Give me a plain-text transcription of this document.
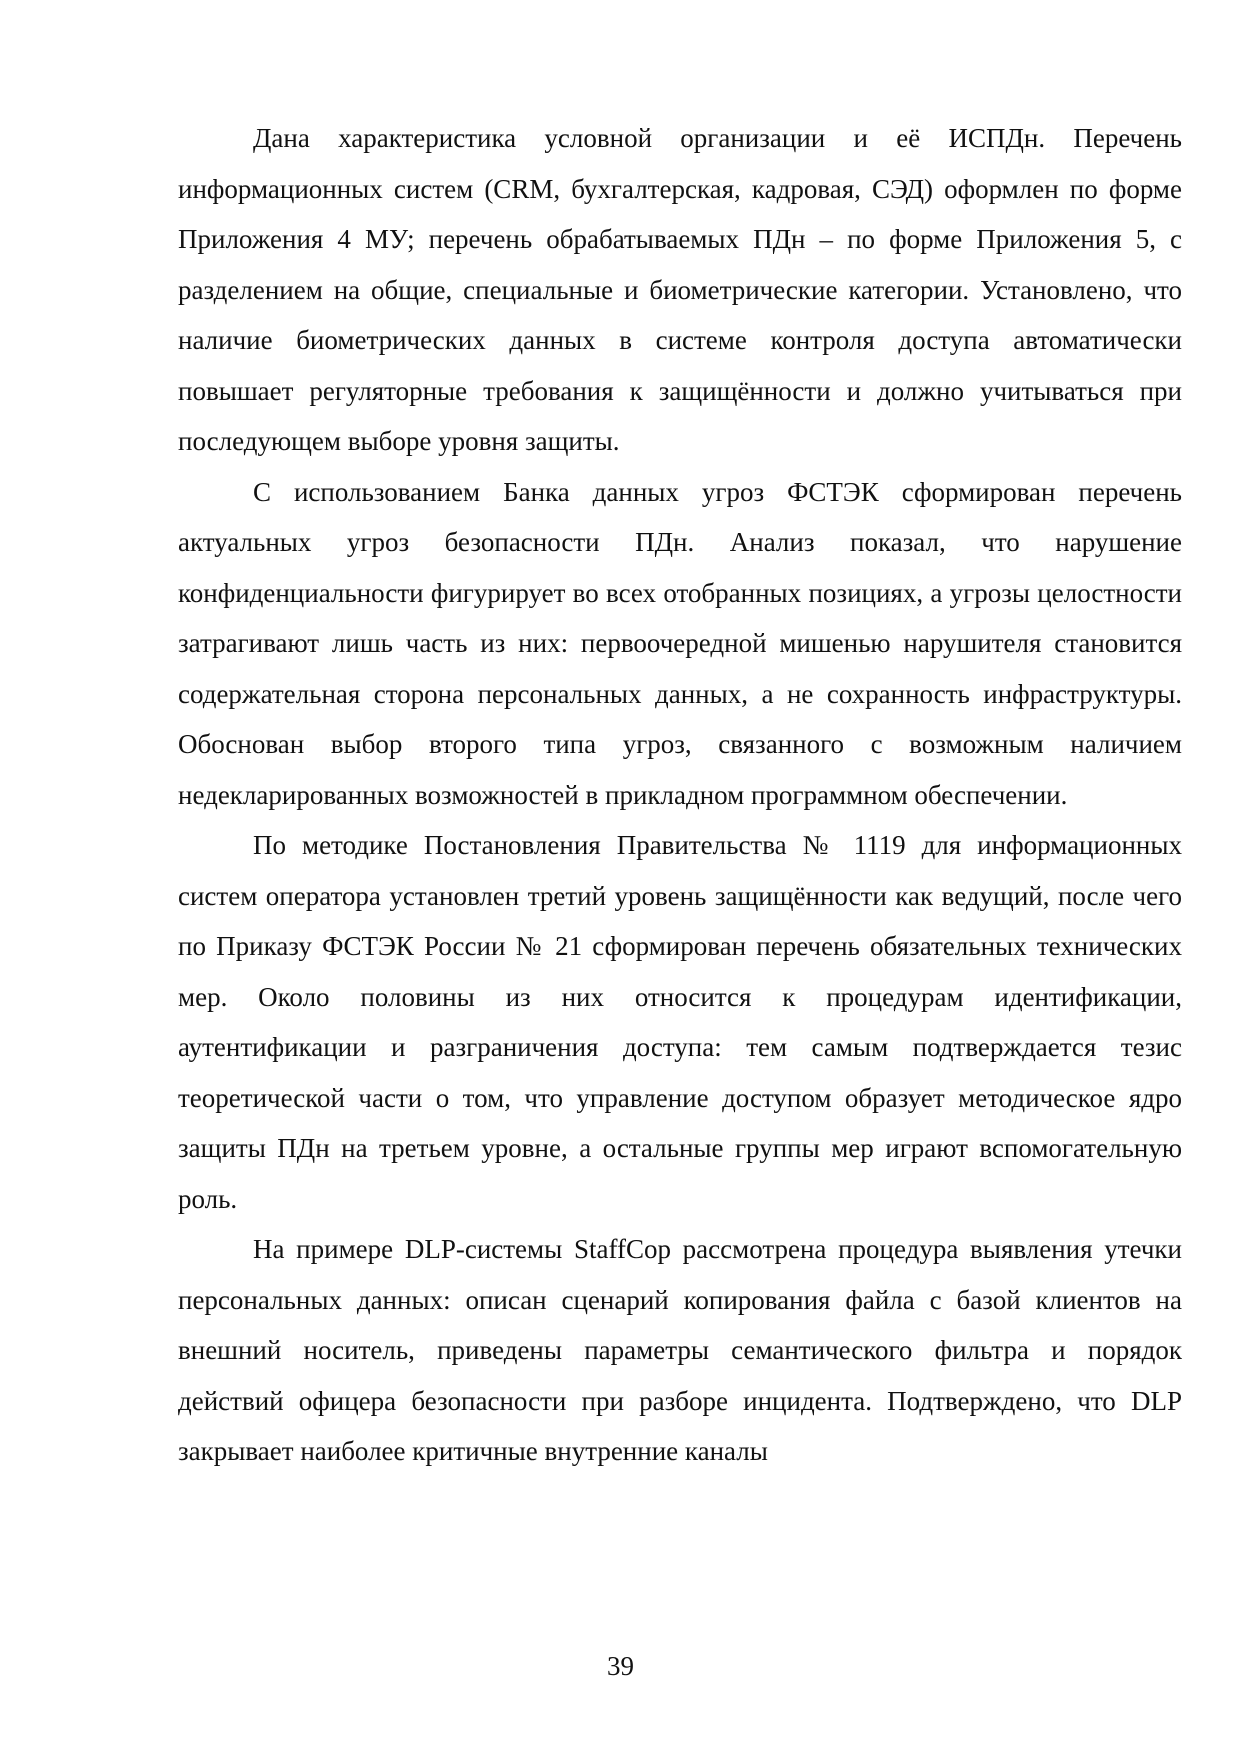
Дана характеристика условной организации и её ИСПДн. Перечень информационных систем (CRM, бухгалтерская, кадровая, СЭД) оформлен по форме Приложения 4 МУ; перечень обрабатываемых ПДн – по форме Приложения 5, с разделением на общие, специальные и биометрические категории. Установлено, что наличие биометрических данных в системе контроля доступа автоматически повышает регуляторные требования к защищённости и должно учитываться при последующем выборе уровня защиты.

С использованием Банка данных угроз ФСТЭК сформирован перечень актуальных угроз безопасности ПДн. Анализ показал, что нарушение конфиденциальности фигурирует во всех отобранных позициях, а угрозы целостности затрагивают лишь часть из них: первоочередной мишенью нарушителя становится содержательная сторона персональных данных, а не сохранность инфраструктуры. Обоснован выбор второго типа угроз, связанного с возможным наличием недекларированных возможностей в прикладном программном обеспечении.

По методике Постановления Правительства № 1119 для информационных систем оператора установлен третий уровень защищённости как ведущий, после чего по Приказу ФСТЭК России № 21 сформирован перечень обязательных технических мер. Около половины из них относится к процедурам идентификации, аутентификации и разграничения доступа: тем самым подтверждается тезис теоретической части о том, что управление доступом образует методическое ядро защиты ПДн на третьем уровне, а остальные группы мер играют вспомогательную роль.

На примере DLP-системы StaffCop рассмотрена процедура выявления утечки персональных данных: описан сценарий копирования файла с базой клиентов на внешний носитель, приведены параметры семантического фильтра и порядок действий офицера безопасности при разборе инцидента. Подтверждено, что DLP закрывает наиболее критичные внутренние каналы

39
